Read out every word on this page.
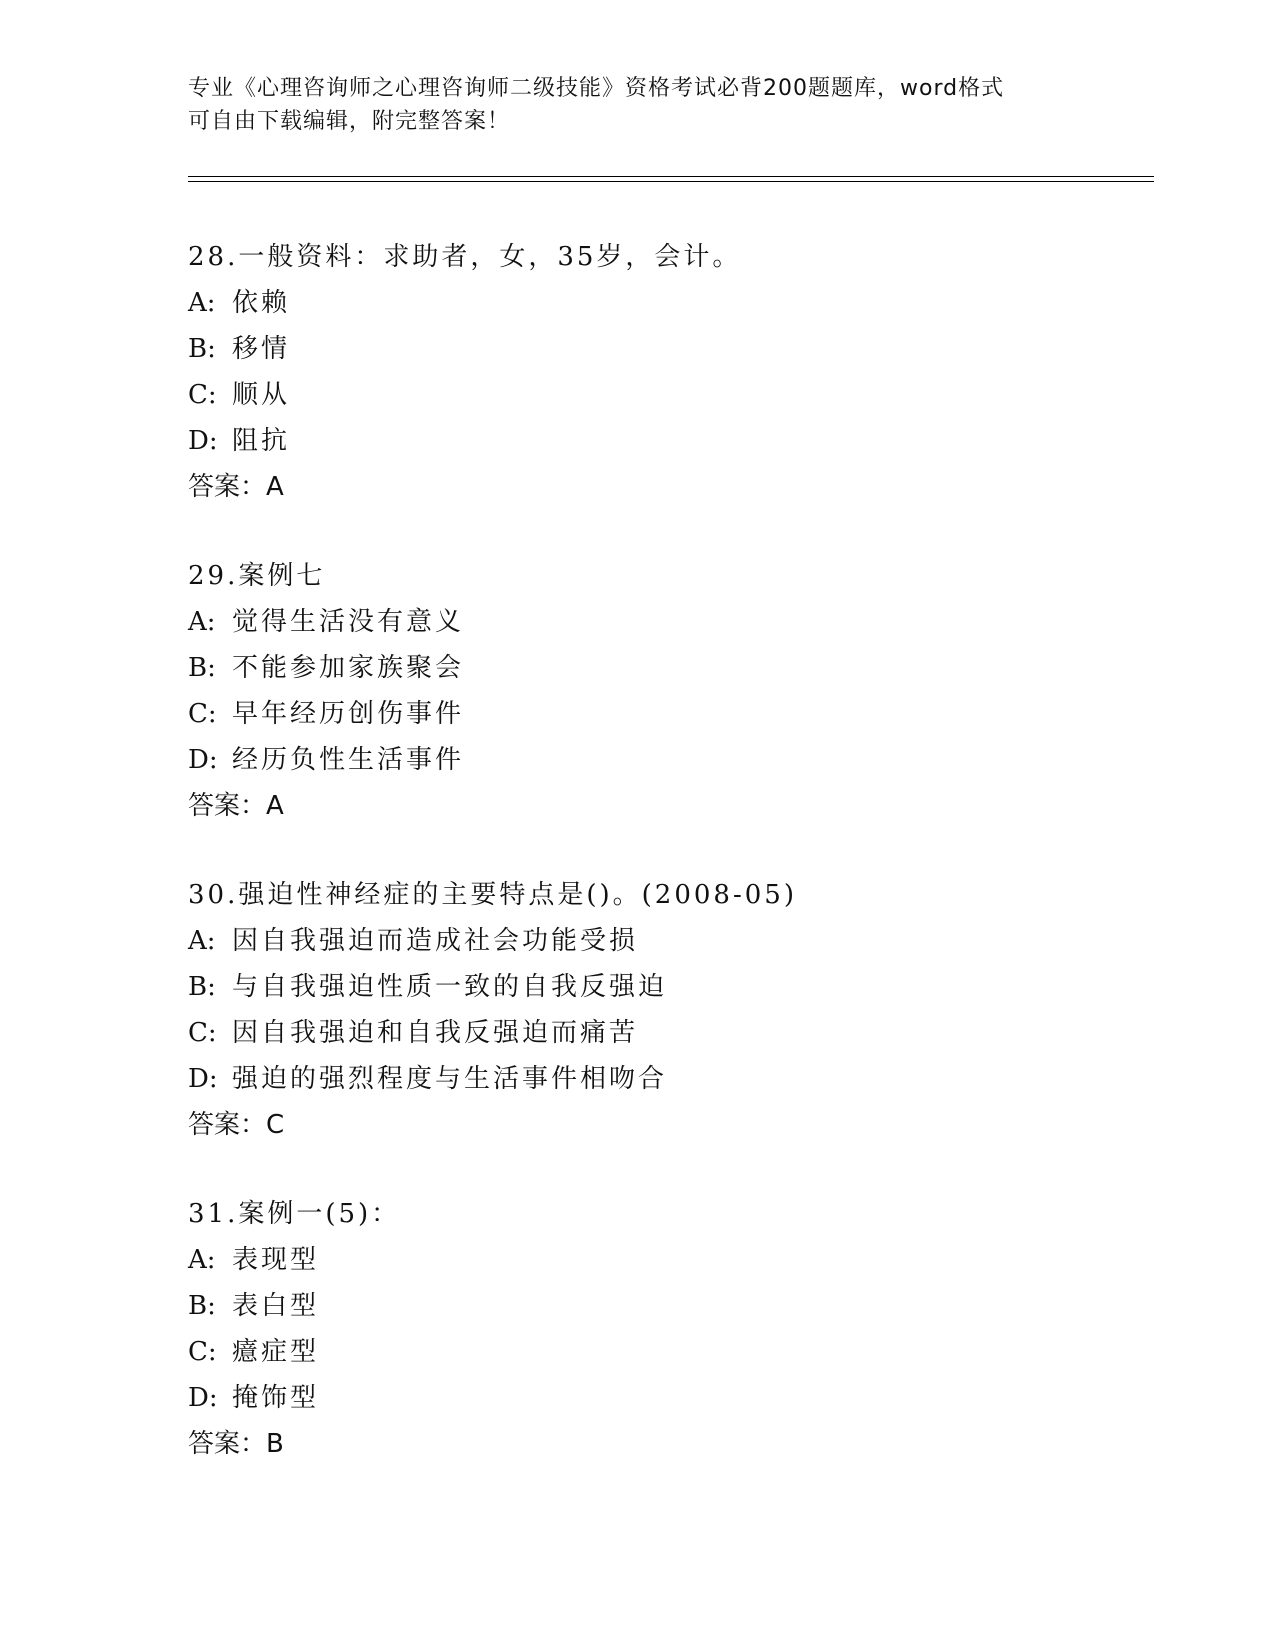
专业《心理咨询师之心理咨询师二级技能》资格考试必背200题题库，word格式
可自由下载编辑，附完整答案！
28.一般资料：求助者，女，35岁，会计。
A: 依赖
B: 移情
C: 顺从
D: 阻抗
答案：A
29.案例七
A: 觉得生活没有意义
B: 不能参加家族聚会
C: 早年经历创伤事件
D: 经历负性生活事件
答案：A
30.强迫性神经症的主要特点是()。(2008-05)
A: 因自我强迫而造成社会功能受损
B: 与自我强迫性质一致的自我反强迫
C: 因自我强迫和自我反强迫而痛苦
D: 强迫的强烈程度与生活事件相吻合
答案：C
31.案例一(5)：
A: 表现型
B: 表白型
C: 癔症型
D: 掩饰型
答案：B
